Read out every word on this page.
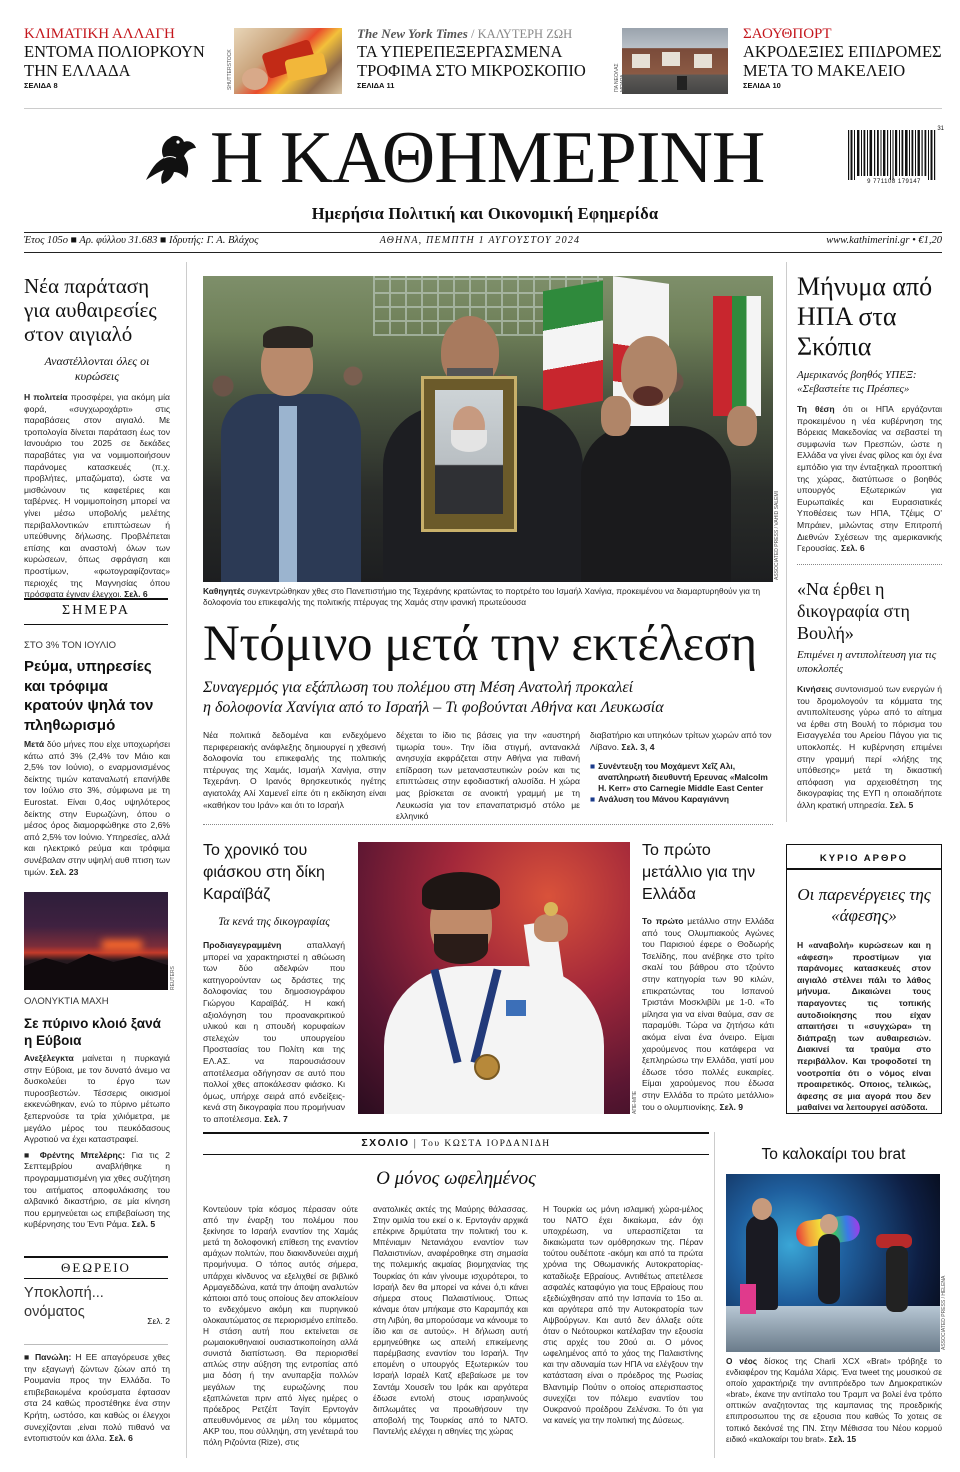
ΚΛΙΜΑΤΙΚΗ ΑΛΛΑΓΗ
ΕΝΤΟΜΑ ΠΟΛΙΟΡΚΟΥΝ
ΤΗΝ ΕΛΛΑΔΑ
ΣΕΛΙΔΑ 8	SHUTTERSTOCK
The New York Times / ΚΑΛΥΤΕΡΗ ΖΩΗ
ΤΑ ΥΠΕΡΕΠΕΞΕΡΓΑΣΜΕΝΑ
ΤΡΟΦΙΜΑ ΣΤΟ ΜΙΚΡΟΣΚΟΠΙΟ
ΣΕΛΙΔΑ 11	ΠΑ ΝΕΟΛΑΣ ΜΠΑΡΑ
ΣΑΟΥΘΠΟΡΤ
ΑΚΡΟΔΕΞΙΕΣ ΕΠΙΔΡΟΜΕΣ
ΜΕΤΑ ΤΟ ΜΑΚΕΛΕΙΟ
ΣΕΛΙΔΑ 10
Η ΚΑΘΗΜΕΡΙΝΗ
Ημερήσια Πολιτική και Οικονομική Εφημερίδα
9 771108 179147
31
Έτος 105ο ■ Αρ. φύλλου 31.683 ■ Ιδρυτής: Γ. Α. Βλάχος	ΑΘΗΝΑ, ΠΕΜΠΤΗ 1 ΑΥΓΟΥΣΤΟΥ 2024	www.kathimerini.gr • €1,20
Νέα παράταση για αυθαιρεσίες στον αιγιαλό
Αναστέλλονται όλες οι κυρώσεις
Η πολιτεία προσφέρει, για ακόμη μία φορά, «συγχωροχάρτι» στις παραβάσεις στον αιγιαλό. Με τροπολογία δίνεται παράταση έως τον Ιανουάριο του 2025 σε δεκάδες παραβάτες για να νομιμοποιήσουν παράνομες κατασκευές (π.χ. προβλήτες, μπαζώματα), ώστε να μισθώνουν τις καφετέριες και ταβέρνες. Η νομιμοποίηση μπορεί να γίνει μέσω υποβολής μελέτης περιβαλλοντικών επιπτώσεων ή υπεύθυνης δήλωσης. Προβλέπεται επίσης και αναστολή όλων των κυρώσεων, όπως σφράγιση και προστίμων, «φωτογραφίζοντας» περιοχές της Μαγνησίας όπου πρόσφατα έγιναν έλεγχοι. Σελ. 6
ΣΗΜΕΡΑ
ΣΤΟ 3% ΤΟΝ ΙΟΥΛΙΟ
Ρεύμα, υπηρεσίες και τρόφιμα κρατούν ψηλά τον πληθωρισμό
Μετά δύο μήνες που είχε υποχωρήσει κάτω από 3% (2,4% τον Μάιο και 2,5% τον Ιούνιο), ο εναρμονισμένος δείκτης τιμών καταναλωτή επανήλθε τον Ιούλιο στο 3%, σύμφωνα με τη Eurostat. Είναι 0,4ος υψηλότερος δείκτης στην Ευρωζώνη, όπου ο μέσος όρος διαμορφώθηκε στο 2,6% από 2,5% τον Ιούνιο. Υπηρεσίες, αλλά και ηλεκτρικό ρεύμα και τρόφιμα συνέβαλαν στην υψηλή αυθ πτιση των τιμών. Σελ. 23
REUTERS
ΟΛΟΝΥΚΤΙΑ ΜΑΧΗ
Σε πύρινο κλοιό ξανά η Εύβοια
Ανεξέλεγκτα μαίνεται η πυρκαγιά στην Εύβοια, με τον δυνατό άνεμο να δυσκολεύει το έργο των πυροσβεστών. Τέσσερις οικισμοί εκκενώθηκαν, ενώ το πύρινο μέτωπο ξεπερνούσε τα τρία χιλιόμετρα, με μεγάλο μέρος του πευκόδασους Αγροτιού να έχει καταστραφεί.
■ Φρέντης Μπελέρης: Για τις 2 Σεπτεμβρίου αναβλήθηκε η προγραμματισμένη για χθες συζήτηση του αιτήματος αποφυλάκισης του αλβανικό δικαστήριο, σε μία κίνηση που ερμηνεύεται ως επιβεβαίωση της κυβέρνησης του Έντι Ράμα. Σελ. 5
ΘΕΩΡΕΙΟ
Υποκλοπή... ονόματος
Σελ. 2
■ Πανώλη: Η ΕΕ απαγόρευσε χθες την εξαγωγή ζώντων ζώων από τη Ρουμανία προς την Ελλάδα. Το επιβεβαιωμένα κρούσματα έφτασαν στα 24 καθώς προστέθηκε ένα στην Κρήτη, ωστόσο, και καθώς οι έλεγχοι συνεχίζονται ,είναι πολύ πιθανό να εντοπιστούν και άλλα. Σελ. 6
ASSOCIATED PRESS / VAHID SALEMI
Καθηγητές συγκεντρώθηκαν χθες στο Πανεπιστήμιο της Τεχεράνης κρατώντας το πορτρέτο του Ισμαήλ Χανίγια, προκειμένου να διαμαρτυρηθούν για τη δολοφονία του επικεφαλής της πολιτικής πτέρυγας της Χαμάς στην ιρανική πρωτεύουσα
Ντόμινο μετά την εκτέλεση
Συναγερμός για εξάπλωση του πολέμου στη Μέση Ανατολή προκαλεί
η δολοφονία Χανίγια από το Ισραήλ – Τι φοβούνται Αθήνα και Λευκωσία
Νέα πολιτικά δεδομένα και ενδεχόμενο περιφερειακής ανάφλεξης δημιουργεί η χθεσινή δολοφονία του επικεφαλής της πολιτικής πτέρυγας της Χαμάς, Ισμαήλ Χανίγια, στην Τεχεράνη. Ο Ιρανός θρησκευτικός ηγέτης αγιατολάχ Αλί Χαμενεΐ είπε ότι η εκδίκηση είναι «καθήκον του Ιράν» και ότι το Ισραήλ
δέχεται το ίδιο τις βάσεις για την «αυστηρή τιμωρία του». Την ίδια στιγμή, αντανακλά ανησυχία εκφράζεται στην Αθήνα για πιθανή επίδραση των μεταναστευτικών ροών και τις επιπτώσεις στην εφοδιαστική αλυσίδα. Η χώρα μας βρίσκεται σε ανοικτή γραμμή με τη Λευκωσία για τον επαναπατρισμό στόλο με ελληνικό
διαβατήριο και υπηκόων τρίτων χωρών από τον Λίβανο. Σελ. 3, 4
■ Συνέντευξη του Μοχάμεντ Χεΐζ Αλι, αναπληρωτή διευθυντή Ερευνας «Malcolm H. Kerr» στο Carnegie Middle East Center
■ Ανάλυση του Μάνου Καραγιάννη
Μήνυμα από ΗΠΑ στα Σκόπια
Αμερικανός βοηθός ΥΠΕΞ: «Σεβαστείτε τις Πρέσπες»
Τη θέση ότι οι ΗΠΑ εργάζονται προκειμένου η νέα κυβέρνηση της Βόρειας Μακεδονίας να σεβαστεί τη συμφωνία των Πρεσπών, ώστε η Ελλάδα να γίνει ένας φίλος και όχι ένα εμπόδιο για την ένταξηκαλ προοπτική της χώρας, διατύπωσε ο βοηθός υπουργός Εξωτερικών για Ευρωπαϊκές και Ευρασιατικές Υποθέσεις των ΗΠΑ, Τζέιμς Ο' Μπράιεν, μιλώντας στην Επιτροπή Διεθνών Σχέσεων της αμερικανικής Γερουσίας. Σελ. 6
«Να έρθει η δικογραφία στη Βουλή»
Επιμένει η αντιπολίτευση για τις υποκλοπές
Κινήσεις συντονισμού των ενεργών ή του δρομολογούν τα κόμματα της αντιπολίτευσης γύρω από το αίτημα να έρθει στη Βουλή το πόρισμα του Εισαγγελέα του Αρείου Πάγου για τις υποκλοπές. Η κυβέρνηση επιμένει στην γραμμή περί «λήξης της υπόθεσης» μετά τη δικαστική απόφαση για αρχειοθέτηση της δικογραφίας της ΕΥΠ η οποιαδήποτε άλλη κρατική υπηρεσία. Σελ. 5
ΚΥΡΙΟ ΑΡΘΡΟ
Οι παρενέργειες της «άφεσης»
Η «αναβολή» κυρώσεων και η «άφεση» προστίμων για παράνομες κατασκευές στον αιγιαλό στέλνει πάλι το λάθος μήνυμα. Δικαιώνει τους παραγοντες τις τοπικής αυτοδιοίκησης που είχαν απαιτήσει τι «συγχώρα» τη διάπραξη των αυθαιρεσιών. Διακινεί τα τραύμα στο περιβάλλον. Και τροφοδοτεί τη νοοτροπία ότι ο νόμος είναι προαιρετικός. Οποιος, τελικώς, άφεσης σε μια αγορά που δεν μαθαίνει να λειτουργεί ασύδοτα.
Το χρονικό του φιάσκου στη δίκη Καραϊβάζ
Τα κενά της δικογραφίας
Προδιαγεγραμμένη απαλλαγή μπορεί να χαρακτηριστεί η αθώωση των δύο αδελφών που κατηγορούνταν ως δράστες της δολοφονίας του δημοσιογράφου Γιώργου Καραϊβάζ. Η κακή αξιολόγηση του προανακριτικού υλικού και η σπουδή κορυφαίων στελεχών του υπουργείου Προστασίας του Πολίτη και της ΕΛ.ΑΣ. να παρουσιάσουν αποτέλεσμα οδήγησαν σε αυτό που πολλοί χθες αποκάλεσαν φιάσκο. Κι όμως, υπήρχε σειρά από ενδείξεις-κενά στη δικογραφία που προμήνυαν το αποτέλεσμα. Σελ. 7
ΑΠΕ-ΜΠΕ
Το πρώτο μετάλλιο για την Ελλάδα
Το πρώτο μετάλλιο στην Ελλάδα από τους Ολυμπιακούς Αγώνες του Παρισιού έφερε ο Θοδωρής Τσελίδης, που ανέβηκε στο τρίτο σκαλί του βάθρου στο τζούντο στην κατηγορία των 90 κιλών, επικρατώντας του Ισπανού Τριστάνι Μοσκλιβίλι με 1-0. «Το μίλησα για να είναι θαύμα, σαν σε παραμύθι. Τώρα να ζητήσω κάτι ακόμα είναι ένα όνειρο. Είμαι χαρούμενος που κατάφερα να ξεπληρώσω την Ελλάδα, γιατί μου έδωσε τόσο πολλές ευκαιρίες. Είμαι χαρούμενος που έδωσα στην Ελλάδα το πρώτο μετάλλιο» του ο ολυμπιονίκης. Σελ. 9
ΣΧΟΛΙΟ | Του ΚΩΣΤΑ ΙΟΡΔΑΝΙΔΗ
Ο μόνος ωφελημένος
Κοντεύουν τρία κόσμος πέρασαν ούτε από την έναρξη του πολέμου που ξεκίνησε το Ισραήλ εναντίον της Χαμάς μετά τη δολοφονική επίθεση της εναντίον αμάχων πολιτών, που διακινδυνεύει αιχμή προμήνυμα. Ο τόπος αυτός σήμερα, υπάρχει κίνδυνος να εξελιχθεί σε βιβλικό Αρμαγεδδώνα, κατά την άποψη αναλυτών κάποιοι από τους οποίους δεν αποκλείουν το ενδεχόμενο ακόμη και πυρηνικού ολοκαυτώματος σε περιορισμένο επίπεδο. Η στάση αυτή που εκτείνεται σε ρωμαιοκυθηναιοί ουσιαστικοποίηση αλλά συνιστά διαπίστωση. Θα περιορισθεί απλώς στην αύξηση της εντροπίας από μια δόση ή την ανυπαρξία πολλών μεγάλων της ευρωζώνης που εξαπλώνεται πριν από λίγες ημέρες ο πρόεδρος Ρετζέπ Ταγίπ Ερντογάν απευθυνόμενος σε μέλη του κόμματος AKP του, που σύλληψη, στη γενέτειρά του πόλη Ριζούντα (Rize), στις
ανατολικές ακτές της Μαύρης θάλασσας. Στην ομιλία του εκεί ο κ. Ερντογάν αρχικά επέκρινε δριμύτατα την πολιτική του κ. Μπένιαμιν Νετανιάχου εναντίον των Παλαιστινίων, αναφέροθηκε στη σημασία της πολεμικής ακμαίας βιομηχανίας της Τουρκίας ότι κάιν γίνουμε ισχυρότεροι, το Ισραήλ δεν θα μπορεί να κάνει ό,τι κάνει σήμερα στους Παλαιστίνιους. Όπως κάναμε όταν μπήκαμε στο Καραμπάχ και στη Λιβύη, θα μπορούσαμε να κάνουμε το ίδιο και σε αυτούς». Η δήλωση αυτή ερμηνεύθηκε ως απειλή επικείμενης παρέμβασης εναντίον του Ισραήλ. Την επομένη ο υπουργός Εξωτερικών του Ισραήλ Ισραέλ Κατζ εβεβαίωσε με τον Σαντάμ Χουσεΐν του Ιράκ και αργότερα έδωσε εντολή στους ισραηλινούς διπλωμάτες να προωθήσουν την αποβολή της Τουρκίας από το ΝΑΤΟ. Παντελής ελέγχει η αθηνίες της χώρας
Η Τουρκία ως μόνη ισλαμική χώρα-μέλος του ΝΑΤΟ έχει δικαίωμα, εάν όχι υποχρέωση, να υπερασπίζεται τα δικαιώματα των ομόθρησκων της. Πέραν τούτου ουδέποτε -ακόμη και από τα πρώτα χρόνια της Οθωμανικής Αυτοκρατορίας- καταδίωξε Εβραίους. Αντιθέτως απετέλεσε ασφαλές καταφύγιο για τους Εβραίους που εξεδιώχθησαν από την Ισπανία το 15ο αι. και αργότερα από την Αυτοκρατορία των Αψβούργων. Και αυτό δεν άλλαξε ούτε όταν ο Νεότουρκοι κατέλαβαν την εξουσία στις αρχές του 20ού αι. Ο μόνος ωφελημένος από το χάος της Παλαιστίνης και την αδυναμία των ΗΠΑ να ελέγξουν την κατάσταση είναι ο πρόεδρος της Ρωσίας Βλαντιμίρ Πούτιν ο οποίος απερισπαστος συνεχίζει τον πόλεμο εναντίον του Ουκρανού προέδρου Ζελένσκι. Το ότι για να κανείς για την πολιτική της Δύσεως.
Το καλοκαίρι του brat
ASSOCIATED PRESS / HELENA
Ο νέος δίσκος της Charli XCX «Brat» τρόβηξε το ενδιαφέρον της Καμάλα Χάρις. Ένα tweet της μουσικού σε οποίο χαρακτήριζε την αντιπρόεδρο των Δημοκρατικών «brat», έκανε την αντίπαλο του Τραμπ να βολεί ένα τρόπο οπτικών αναζητοντας της καμπανιας της προεδρικής επιπροσωπου της σε εξουσια που καθώς Το χοτεις σε τοπικό δεκόνσέ της ΠΝ. Στην Μέθισσα του Νέου κορμού ειδικό «καλοκαίρι του brat». Σελ. 15
